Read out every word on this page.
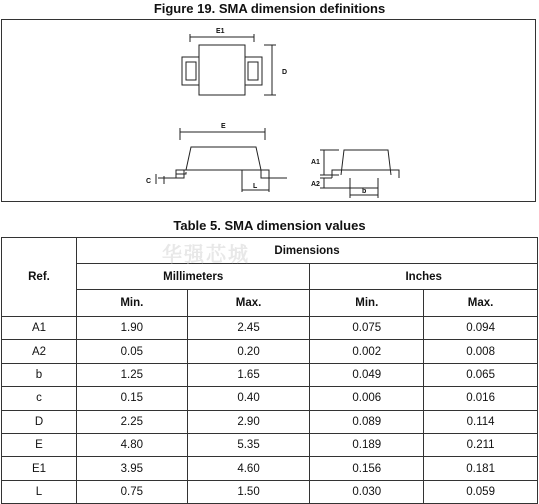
Figure 19. SMA dimension definitions
E1
D
E
C
L
A1
A2
b
Table 5. SMA dimension values
Ref.	Dimensions			
	Millimeters		Inches	
	Min.	Max.	Min.	Max.
A1	1.90	2.45	0.075	0.094
A2	0.05	0.20	0.002	0.008
b	1.25	1.65	0.049	0.065
c	0.15	0.40	0.006	0.016
D	2.25	2.90	0.089	0.114
E	4.80	5.35	0.189	0.211
E1	3.95	4.60	0.156	0.181
L	0.75	1.50	0.030	0.059
华强芯城
